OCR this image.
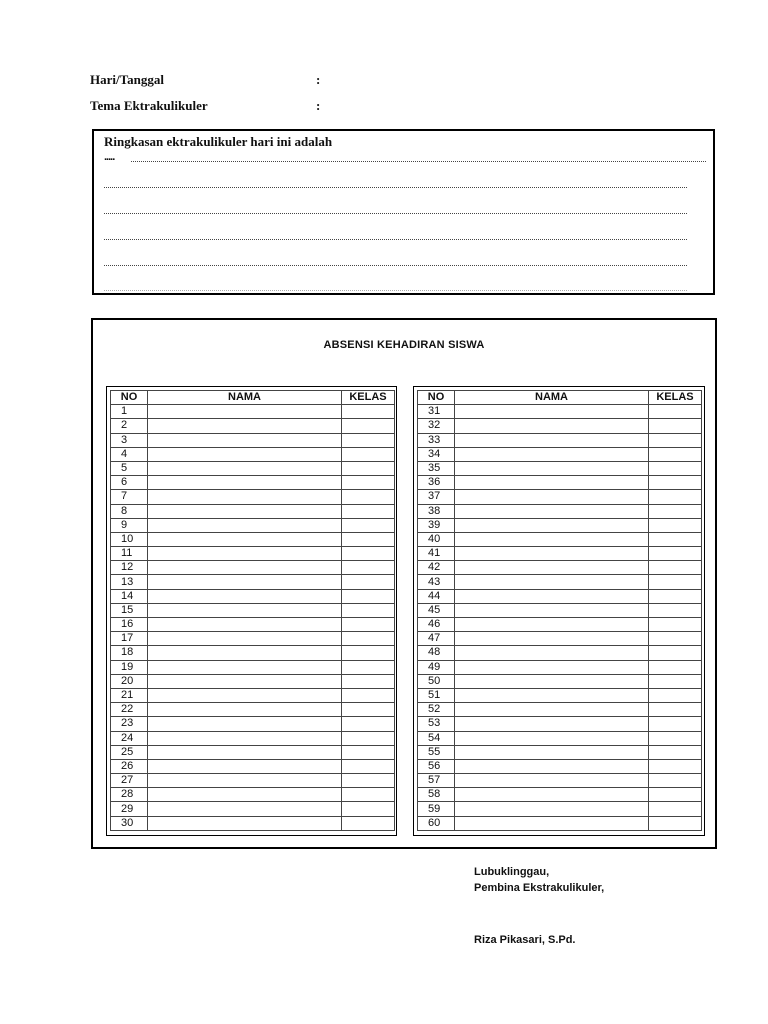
Hari/Tanggal	:
Tema Ektrakulikuler	:
Ringkasan ektrakulikuler hari ini adalah
.....
ABSENSI KEHADIRAN SISWA
NO	NAMA	KELAS
1		
2		
3		
4		
5		
6		
7		
8		
9		
10		
11		
12		
13		
14		
15		
16		
17		
18		
19		
20		
21		
22		
23		
24		
25		
26		
27		
28		
29		
30		
NO	NAMA	KELAS
31		
32		
33		
34		
35		
36		
37		
38		
39		
40		
41		
42		
43		
44		
45		
46		
47		
48		
49		
50		
51		
52		
53		
54		
55		
56		
57		
58		
59		
60		
Lubuklinggau,
Pembina Ekstrakulikuler,
Riza Pikasari, S.Pd.
